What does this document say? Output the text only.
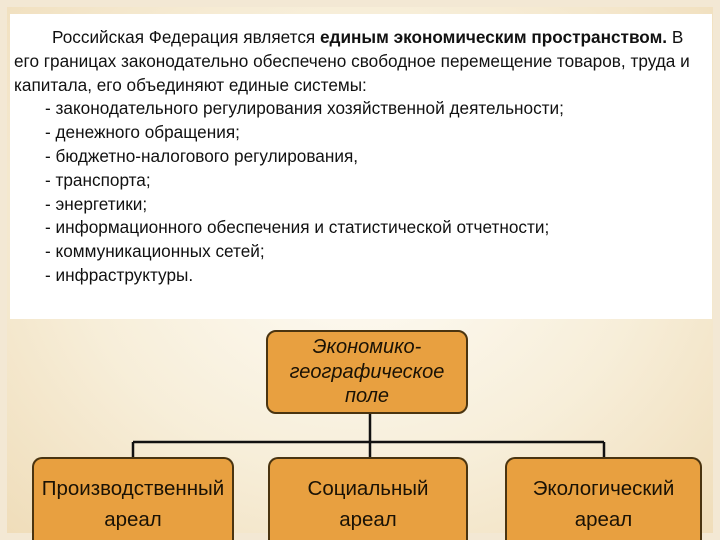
Российская Федерация является единым экономическим пространством. В его границах законодательно обеспечено свободное перемещение товаров, труда и капитала, его объединяют единые системы:

- законодательного регулирования хозяйственной деятельности;
- денежного обращения;
- бюджетно-налогового регулирования,
- транспорта;
- энергетики;
- информационного обеспечения и статистической отчетности;
- коммуникационных сетей;
- инфраструктуры.
Экономико-
географическое
поле
Производственный
ареал
Социальный
ареал
Экологический
ареал
